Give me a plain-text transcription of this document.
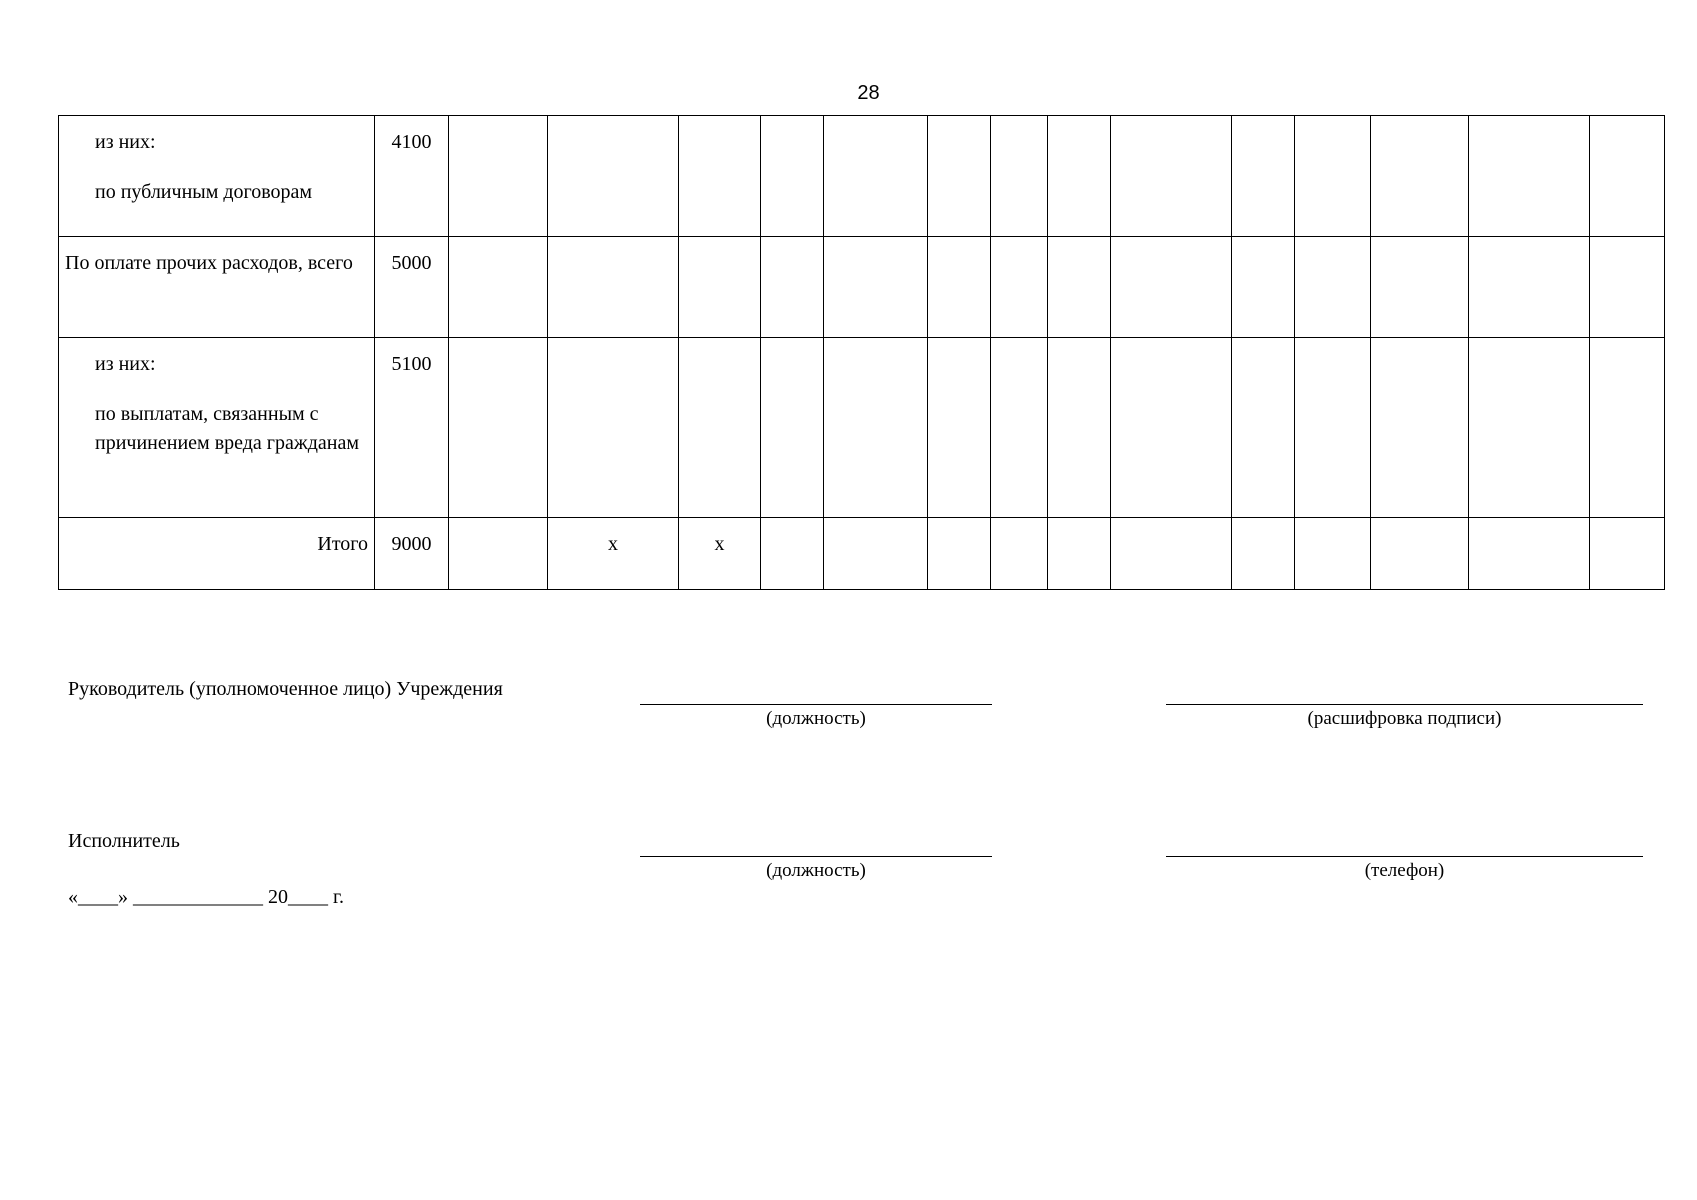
28

из них:

по публичным договорам	4100															
По оплате прочих расходов, всего	5000															

из них:

по выплатам, связанным с причинением вреда гражданам	5100															
Итого	9000		x	x												
Руководитель (уполномоченное лицо) Учреждения
(должность)	(расшифровка подписи)
Исполнитель
(должность)	(телефон)
«____» _____________ 20____ г.
